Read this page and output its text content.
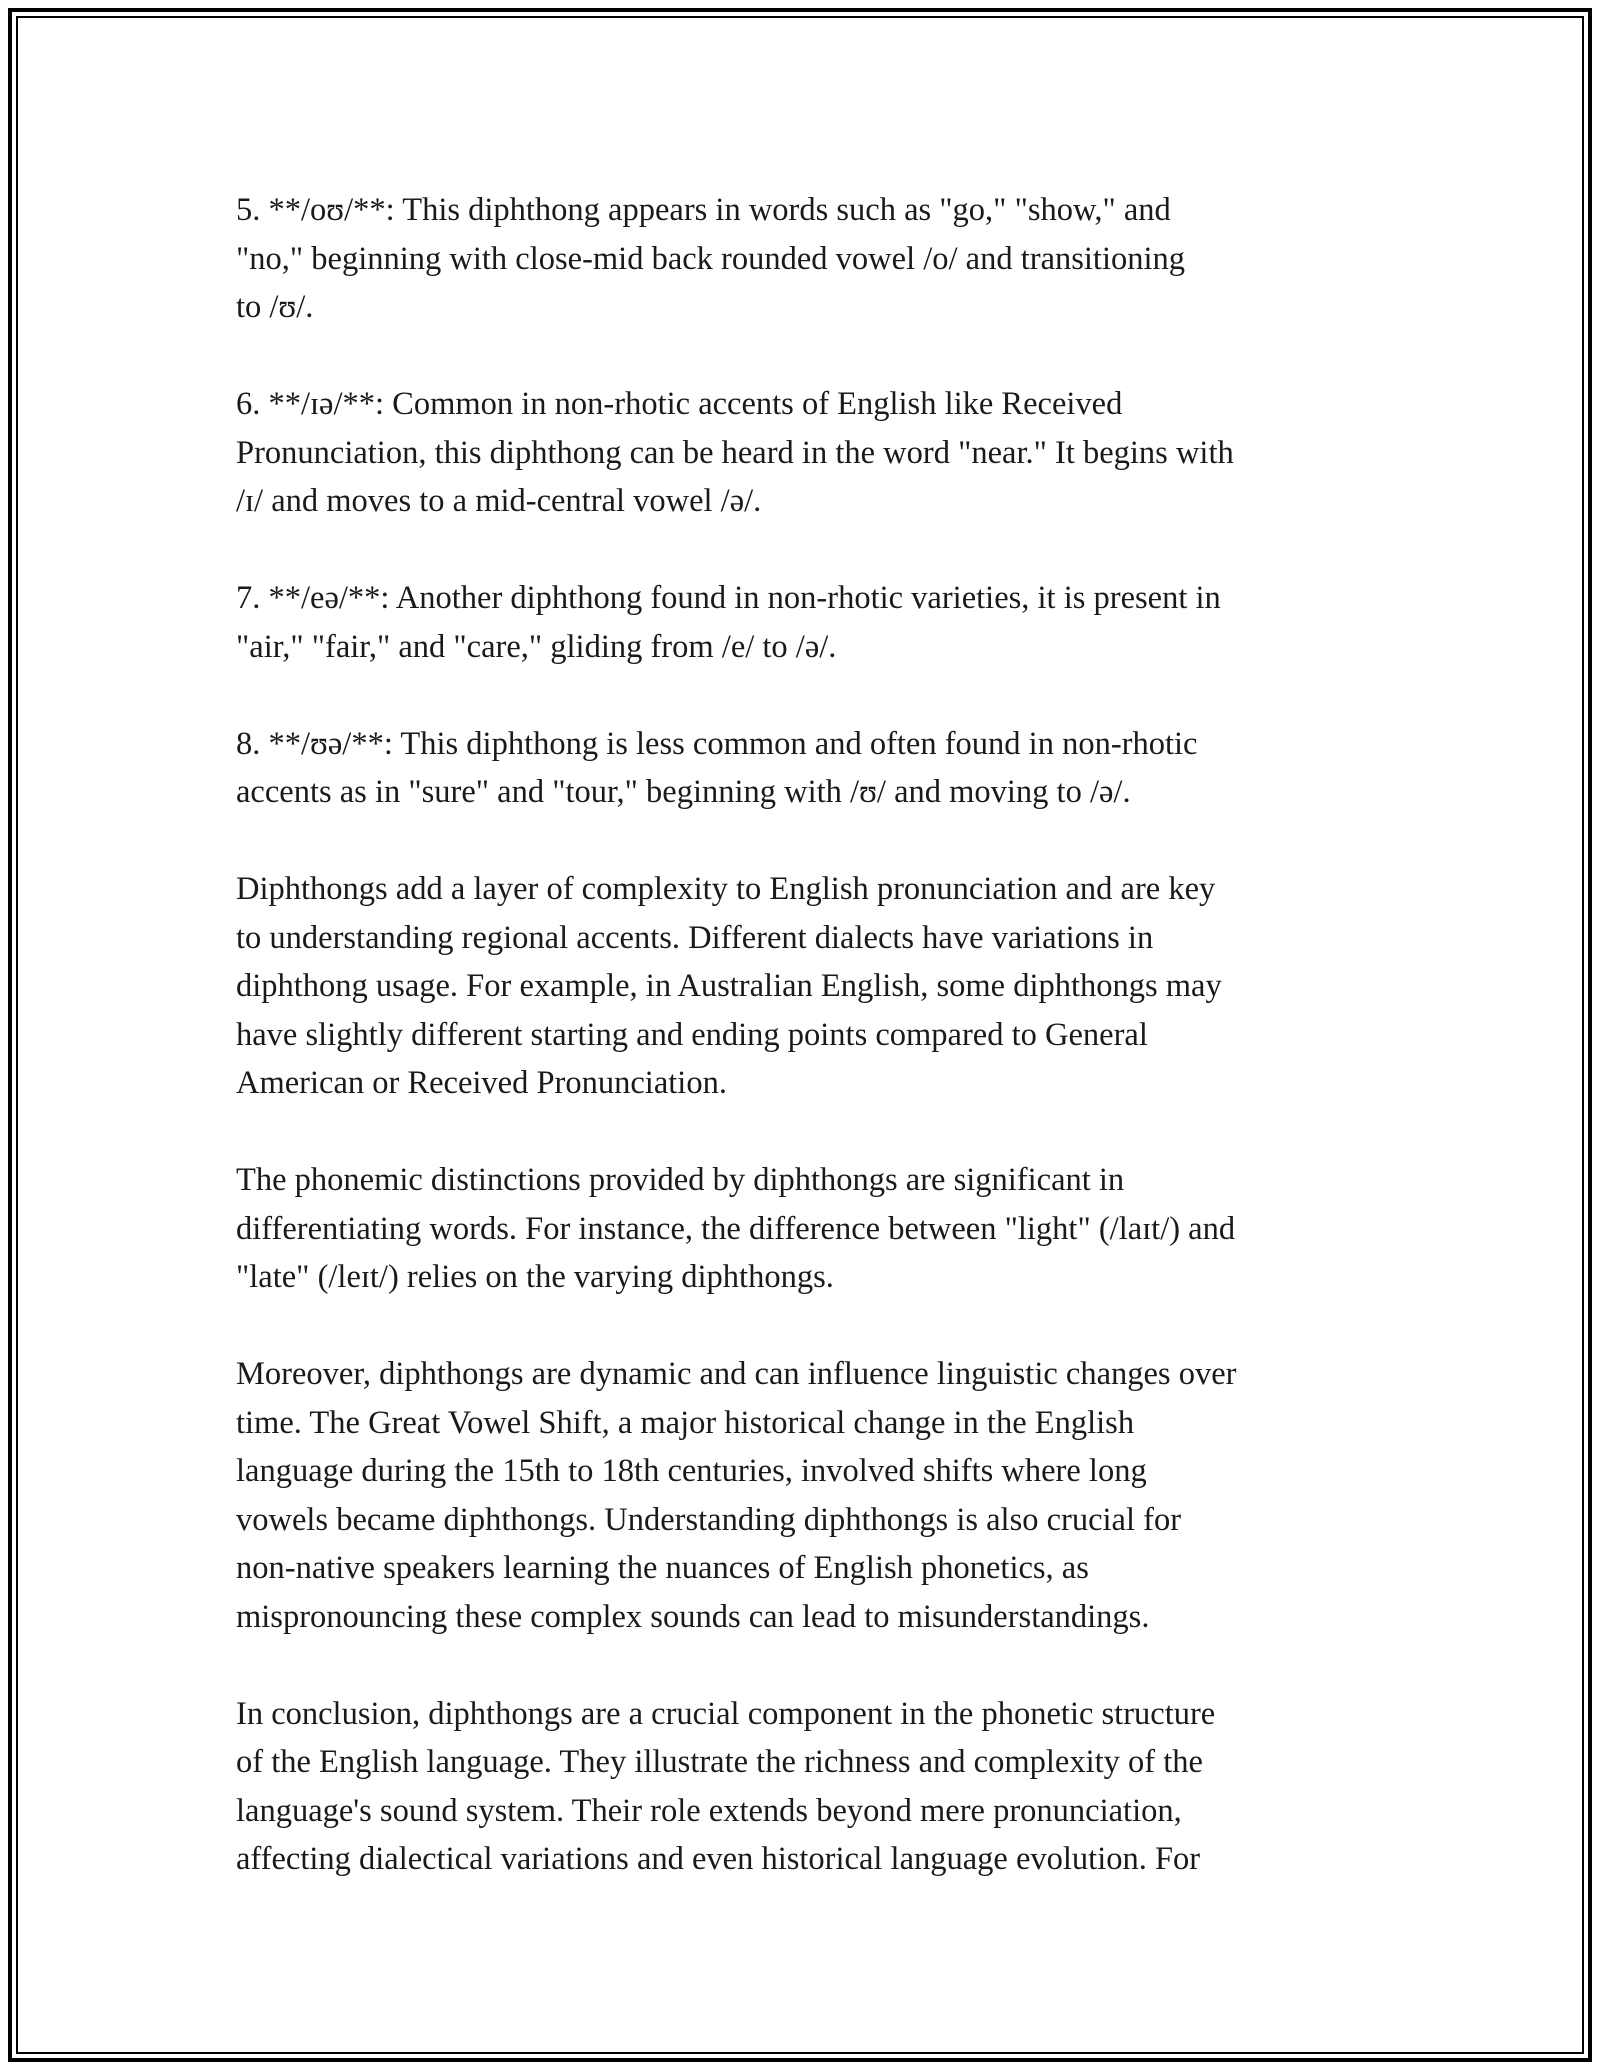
5. **/oʊ/**: This diphthong appears in words such as "go," "show," and
"no," beginning with close-mid back rounded vowel /o/ and transitioning
to /ʊ/.

6. **/ɪə/**: Common in non-rhotic accents of English like Received
Pronunciation, this diphthong can be heard in the word "near." It begins with
/ɪ/ and moves to a mid-central vowel /ə/.

7. **/eə/**: Another diphthong found in non-rhotic varieties, it is present in
"air," "fair," and "care," gliding from /e/ to /ə/.

8. **/ʊə/**: This diphthong is less common and often found in non-rhotic
accents as in "sure" and "tour," beginning with /ʊ/ and moving to /ə/.

Diphthongs add a layer of complexity to English pronunciation and are key
to understanding regional accents. Different dialects have variations in
diphthong usage. For example, in Australian English, some diphthongs may
have slightly different starting and ending points compared to General
American or Received Pronunciation.

The phonemic distinctions provided by diphthongs are significant in
differentiating words. For instance, the difference between "light" (/laɪt/) and
"late" (/leɪt/) relies on the varying diphthongs.

Moreover, diphthongs are dynamic and can influence linguistic changes over
time. The Great Vowel Shift, a major historical change in the English
language during the 15th to 18th centuries, involved shifts where long
vowels became diphthongs. Understanding diphthongs is also crucial for
non-native speakers learning the nuances of English phonetics, as
mispronouncing these complex sounds can lead to misunderstandings.

In conclusion, diphthongs are a crucial component in the phonetic structure
of the English language. They illustrate the richness and complexity of the
language's sound system. Their role extends beyond mere pronunciation,
affecting dialectical variations and even historical language evolution. For
